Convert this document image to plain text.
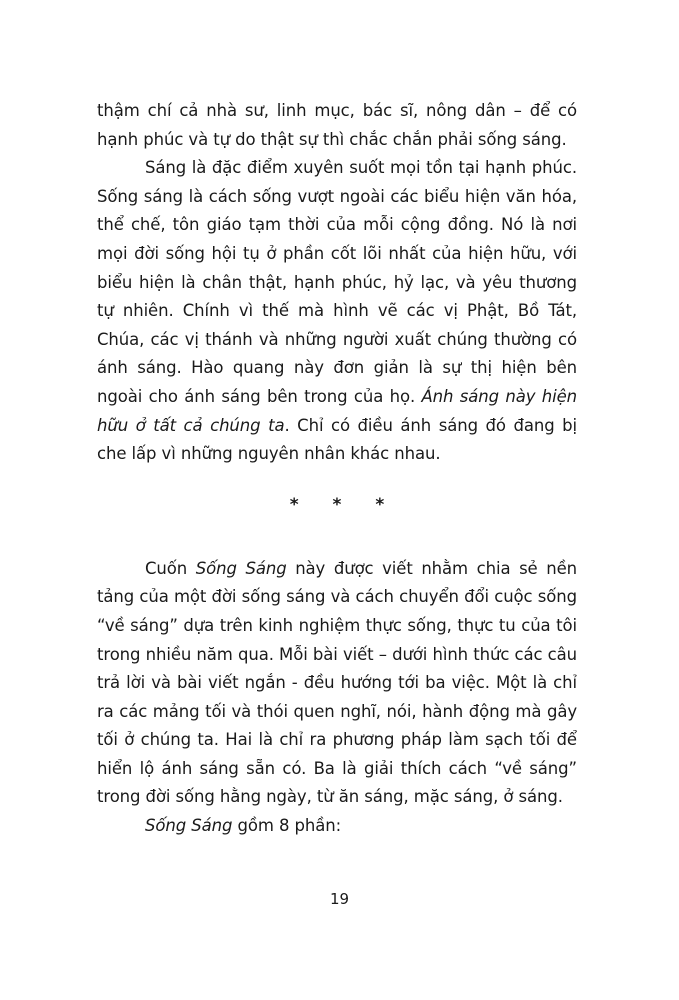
thậm chí cả nhà sư, linh mục, bác sĩ, nông dân – để có hạnh phúc và tự do thật sự thì chắc chắn phải sống sáng.

Sáng là đặc điểm xuyên suốt mọi tồn tại hạnh phúc. Sống sáng là cách sống vượt ngoài các biểu hiện văn hóa, thể chế, tôn giáo tạm thời của mỗi cộng đồng. Nó là nơi mọi đời sống hội tụ ở phần cốt lõi nhất của hiện hữu, với biểu hiện là chân thật, hạnh phúc, hỷ lạc, và yêu thương tự nhiên. Chính vì thế mà hình vẽ các vị Phật, Bồ Tát, Chúa, các vị thánh và những người xuất chúng thường có ánh sáng. Hào quang này đơn giản là sự thị hiện bên ngoài cho ánh sáng bên trong của họ. Ánh sáng này hiện hữu ở tất cả chúng ta. Chỉ có điều ánh sáng đó đang bị che lấp vì những nguyên nhân khác nhau.

* * *

Cuốn Sống Sáng này được viết nhằm chia sẻ nền tảng của một đời sống sáng và cách chuyển đổi cuộc sống “về sáng” dựa trên kinh nghiệm thực sống, thực tu của tôi trong nhiều năm qua. Mỗi bài viết – dưới hình thức các câu trả lời và bài viết ngắn - đều hướng tới ba việc. Một là chỉ ra các mảng tối và thói quen nghĩ, nói, hành động mà gây tối ở chúng ta. Hai là chỉ ra phương pháp làm sạch tối để hiển lộ ánh sáng sẵn có. Ba là giải thích cách “về sáng” trong đời sống hằng ngày, từ ăn sáng, mặc sáng, ở sáng.

Sống Sáng gồm 8 phần:

19
